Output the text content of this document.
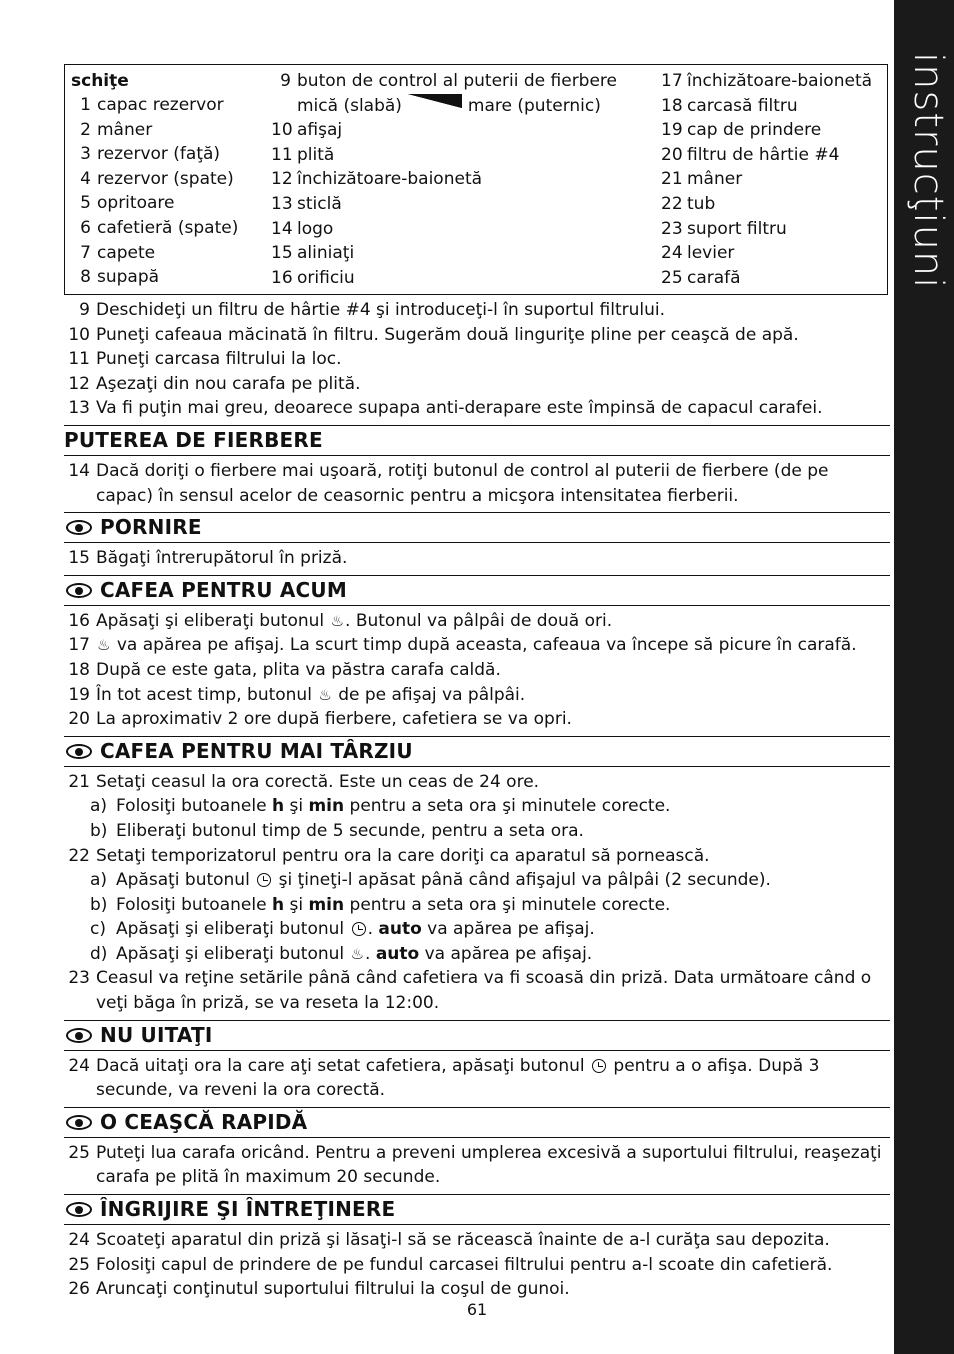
instrucţiuni
schiţe
1 capac rezervor
2 mâner
3 rezervor (faţă)
4 rezervor (spate)
5 opritoare
6 cafetieră (spate)
7 capete
8 supapă
9 buton de control al puterii de fierbere
mică (slabă)	mare (puternic)
10 afişaj
11 plită
12 închizătoare-baionetă
13 sticlă
14 logo
15 aliniaţi
16 orificiu
17 închizătoare-baionetă
18 carcasă filtru
19 cap de prindere
20 filtru de hârtie #4
21 mâner
22 tub
23 suport filtru
24 levier
25 carafă
9 Deschideţi un filtru de hârtie #4 şi introduceţi-l în suportul filtrului.
10 Puneţi cafeaua măcinată în filtru. Sugerăm două linguriţe pline per ceaşcă de apă.
11 Puneţi carcasa filtrului la loc.
12 Aşezaţi din nou carafa pe plită.
13 Va fi puţin mai greu, deoarece supapa anti-derapare este împinsă de capacul carafei.
PUTEREA DE FIERBERE
14 Dacă doriţi o fierbere mai uşoară, rotiţi butonul de control al puterii de fierbere (de pe capac) în sensul acelor de ceasornic pentru a micşora intensitatea fierberii.
PORNIRE
15 Băgaţi întrerupătorul în priză.
CAFEA PENTRU ACUM
16 Apăsaţi şi eliberaţi butonul ♨. Butonul va pâlpâi de două ori.
17 ♨ va apărea pe afişaj. La scurt timp după aceasta, cafeaua va începe să picure în carafă.
18 După ce este gata, plita va păstra carafa caldă.
19 În tot acest timp, butonul ♨ de pe afişaj va pâlpâi.
20 La aproximativ 2 ore după fierbere, cafetiera se va opri.
CAFEA PENTRU MAI TÂRZIU
21 Setaţi ceasul la ora corectă. Este un ceas de 24 ore.
a) Folosiţi butoanele h şi min pentru a seta ora şi minutele corecte.
b) Eliberaţi butonul timp de 5 secunde, pentru a seta ora.
22 Setaţi temporizatorul pentru ora la care doriţi ca aparatul să pornească.
a) Apăsaţi butonul şi ţineţi-l apăsat până când afişajul va pâlpâi (2 secunde).
b) Folosiţi butoanele h şi min pentru a seta ora şi minutele corecte.
c) Apăsaţi şi eliberaţi butonul . auto va apărea pe afişaj.
d) Apăsaţi şi eliberaţi butonul ♨. auto va apărea pe afişaj.
23 Ceasul va reţine setările până când cafetiera va fi scoasă din priză. Data următoare când o veţi băga în priză, se va reseta la 12:00.
NU UITAŢI
24 Dacă uitaţi ora la care aţi setat cafetiera, apăsaţi butonul pentru a o afişa. După 3 secunde, va reveni la ora corectă.
O CEAŞCĂ RAPIDĂ
25 Puteţi lua carafa oricând. Pentru a preveni umplerea excesivă a suportului filtrului, reaşezaţi carafa pe plită în maximum 20 secunde.
ÎNGRIJIRE ŞI ÎNTREŢINERE
24 Scoateţi aparatul din priză şi lăsaţi-l să se răcească înainte de a-l curăţa sau depozita.
25 Folosiţi capul de prindere de pe fundul carcasei filtrului pentru a-l scoate din cafetieră.
26 Aruncaţi conţinutul suportului filtrului la coşul de gunoi.
61
